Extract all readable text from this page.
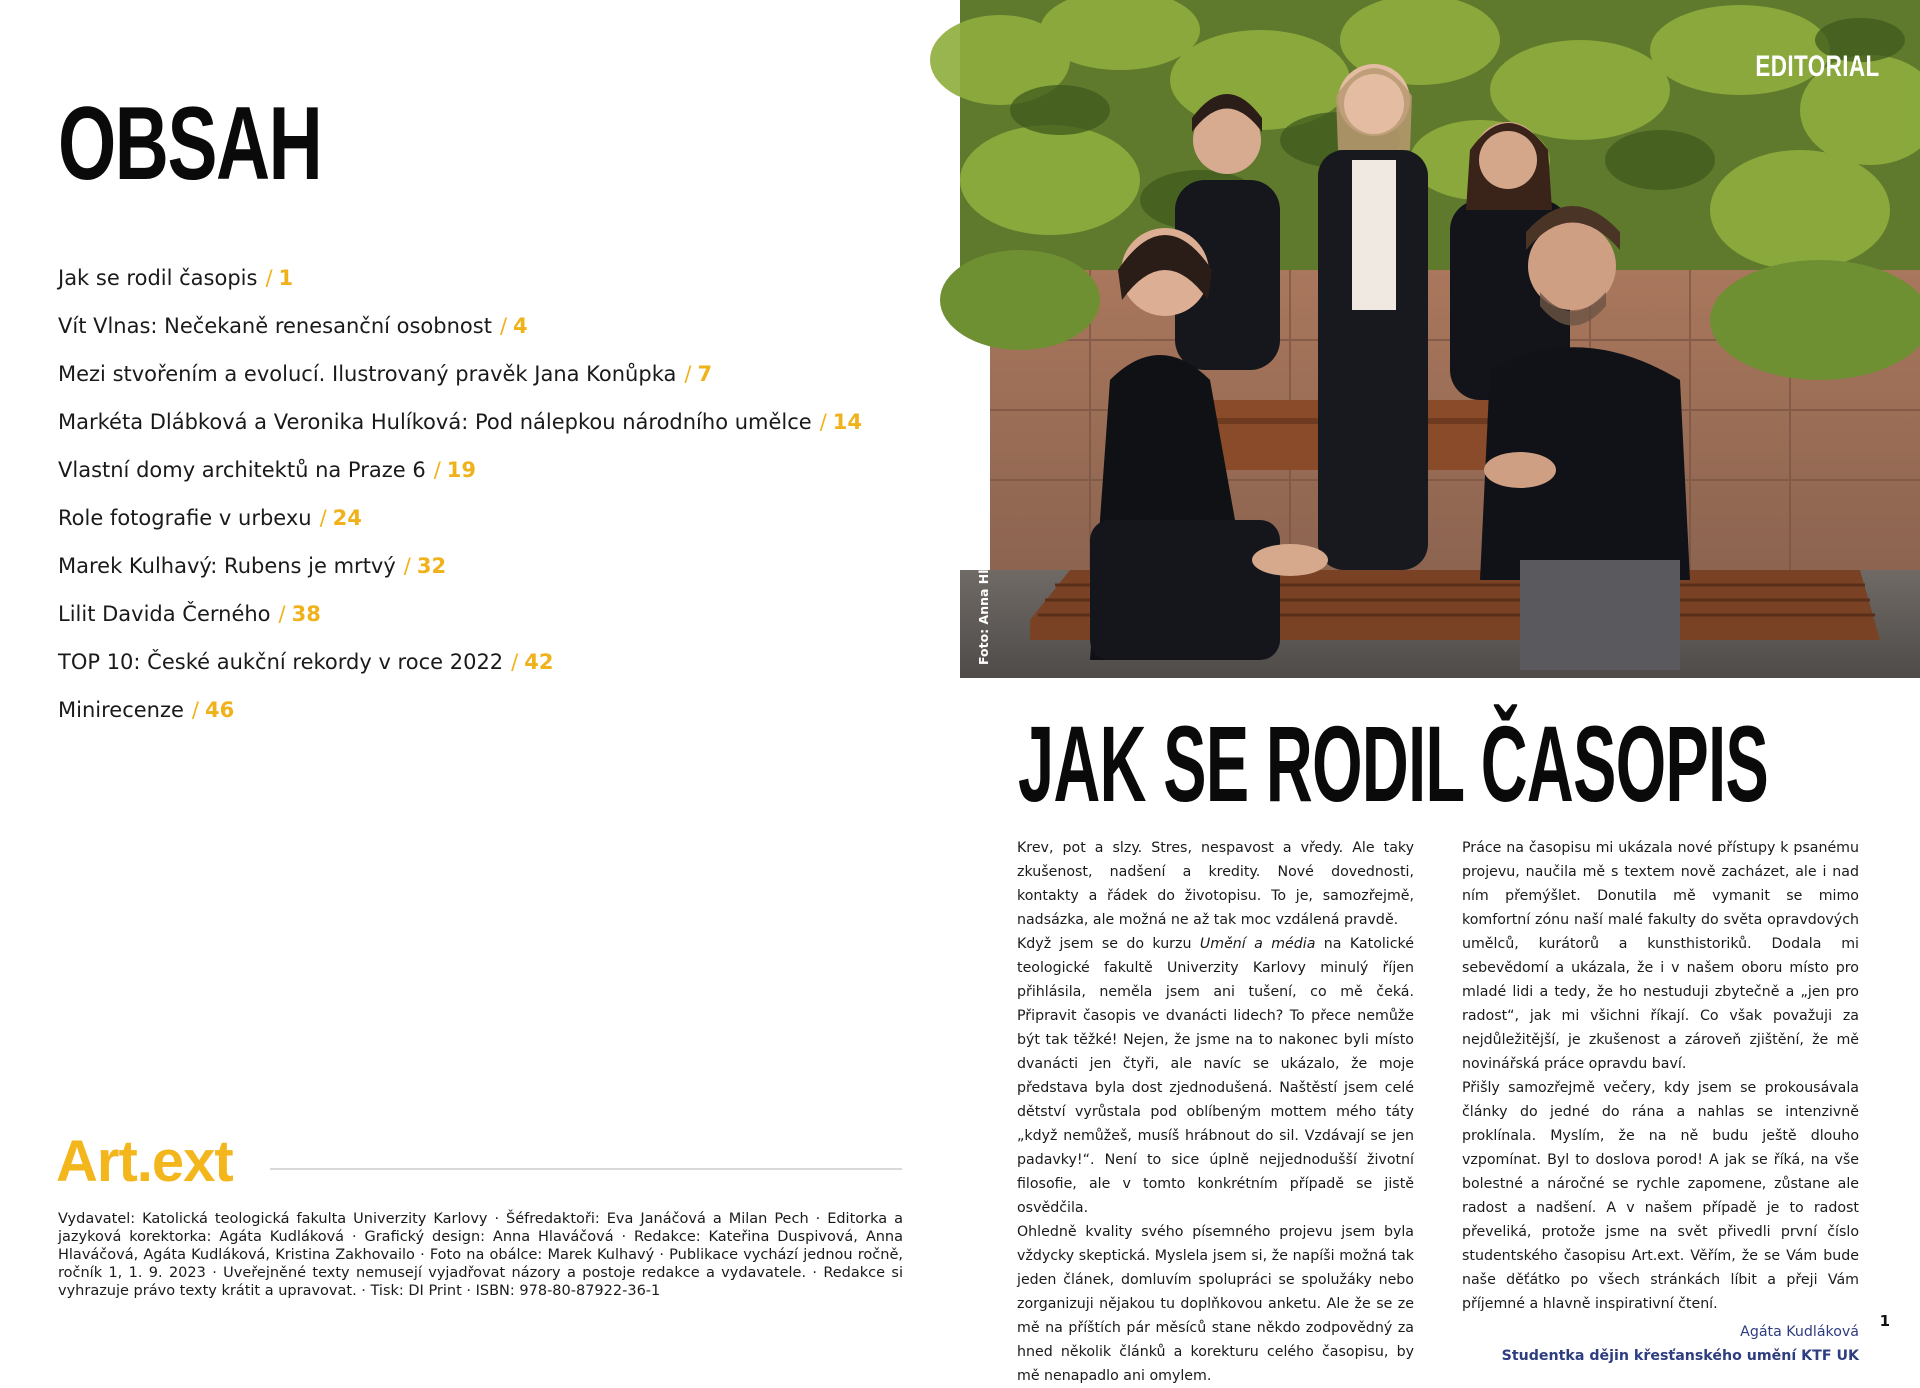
OBSAH
Jak se rodil časopis / 1
Vít Vlnas: Nečekaně renesanční osobnost / 4
Mezi stvořením a evolucí. Ilustrovaný pravěk Jana Konůpka / 7
Markéta Dlábková a Veronika Hulíková: Pod nálepkou národního umělce / 14
Vlastní domy architektů na Praze 6 / 19
Role fotografie v urbexu / 24
Marek Kulhavý: Rubens je mrtvý / 32
Lilit Davida Černého / 38
TOP 10: České aukční rekordy v roce 2022 / 42
Minirecenze / 46
Art.ext

Vydavatel: Katolická teologická fakulta Univerzity Karlovy · Šéfredaktoři: Eva Janáčová a Milan Pech · Editorka a jazyková korektorka: Agáta Kudláková · Grafický design: Anna Hlaváčová · Redakce: Kateřina Duspivová, Anna Hlaváčová, Agáta Kudláková, Kristina Zakhovailo · Foto na obálce: Marek Kulhavý · Publikace vychází jednou ročně, ročník 1, 1. 9. 2023 · Uveřejněné texty nemusejí vyjadřovat názory a postoje redakce a vydavatele. · Redakce si vyhrazuje právo texty krátit a upravovat. · Tisk: DI Print · ISBN: 978-80-87922-36-1

EDITORIAL
Foto: Anna Hlaváčová
JAK SE RODIL ČASOPIS

Krev, pot a slzy. Stres, nespavost a vředy. Ale taky zkušenost, nadšení a kredity. Nové dovednosti, kontakty a řádek do životopisu. To je, samozřejmě, nadsázka, ale možná ne až tak moc vzdálená pravdě.

Když jsem se do kurzu Umění a média na Katolické teologické fakultě Univerzity Karlovy minulý říjen přihlásila, neměla jsem ani tušení, co mě čeká. Připravit časopis ve dvanácti lidech? To přece nemůže být tak těžké! Nejen, že jsme na to nakonec byli místo dvanácti jen čtyři, ale navíc se ukázalo, že moje představa byla dost zjednodušená. Naštěstí jsem celé dětství vyrůstala pod oblíbeným mottem mého táty „když nemůžeš, musíš hrábnout do sil. Vzdávají se jen padavky!“. Není to sice úplně nejjednodušší životní filosofie, ale v tomto konkrétním případě se jistě osvědčila.

Ohledně kvality svého písemného projevu jsem byla vždycky skeptická. Myslela jsem si, že napíši možná tak jeden článek, domluvím spolupráci se spolužáky nebo zorganizuji nějakou tu doplňkovou anketu. Ale že se ze mě na příštích pár měsíců stane někdo zodpovědný za hned několik článků a korekturu celého časopisu, by mě nenapadlo ani omylem.

Práce na časopisu mi ukázala nové přístupy k psanému projevu, naučila mě s textem nově zacházet, ale i nad ním přemýšlet. Donutila mě vymanit se mimo komfortní zónu naší malé fakulty do světa opravdových umělců, kurátorů a kunsthistoriků. Dodala mi sebevědomí a ukázala, že i v našem oboru místo pro mladé lidi a tedy, že ho nestuduji zbytečně a „jen pro radost“, jak mi všichni říkají. Co však považuji za nejdůležitější, je zkušenost a zároveň zjištění, že mě novinářská práce opravdu baví.

Přišly samozřejmě večery, kdy jsem se prokousávala články do jedné do rána a nahlas se intenzivně proklínala. Myslím, že na ně budu ještě dlouho vzpomínat. Byl to doslova porod! A jak se říká, na vše bolestné a náročné se rychle zapomene, zůstane ale radost a nadšení. A v našem případě je to radost převeliká, protože jsme na svět přivedli první číslo studentského časopisu Art.ext. Věřím, že se Vám bude naše děťátko po všech stránkách líbit a přeji Vám příjemné a hlavně inspirativní čtení.

Agáta Kudláková
Studentka dějin křesťanského umění KTF UK
1
